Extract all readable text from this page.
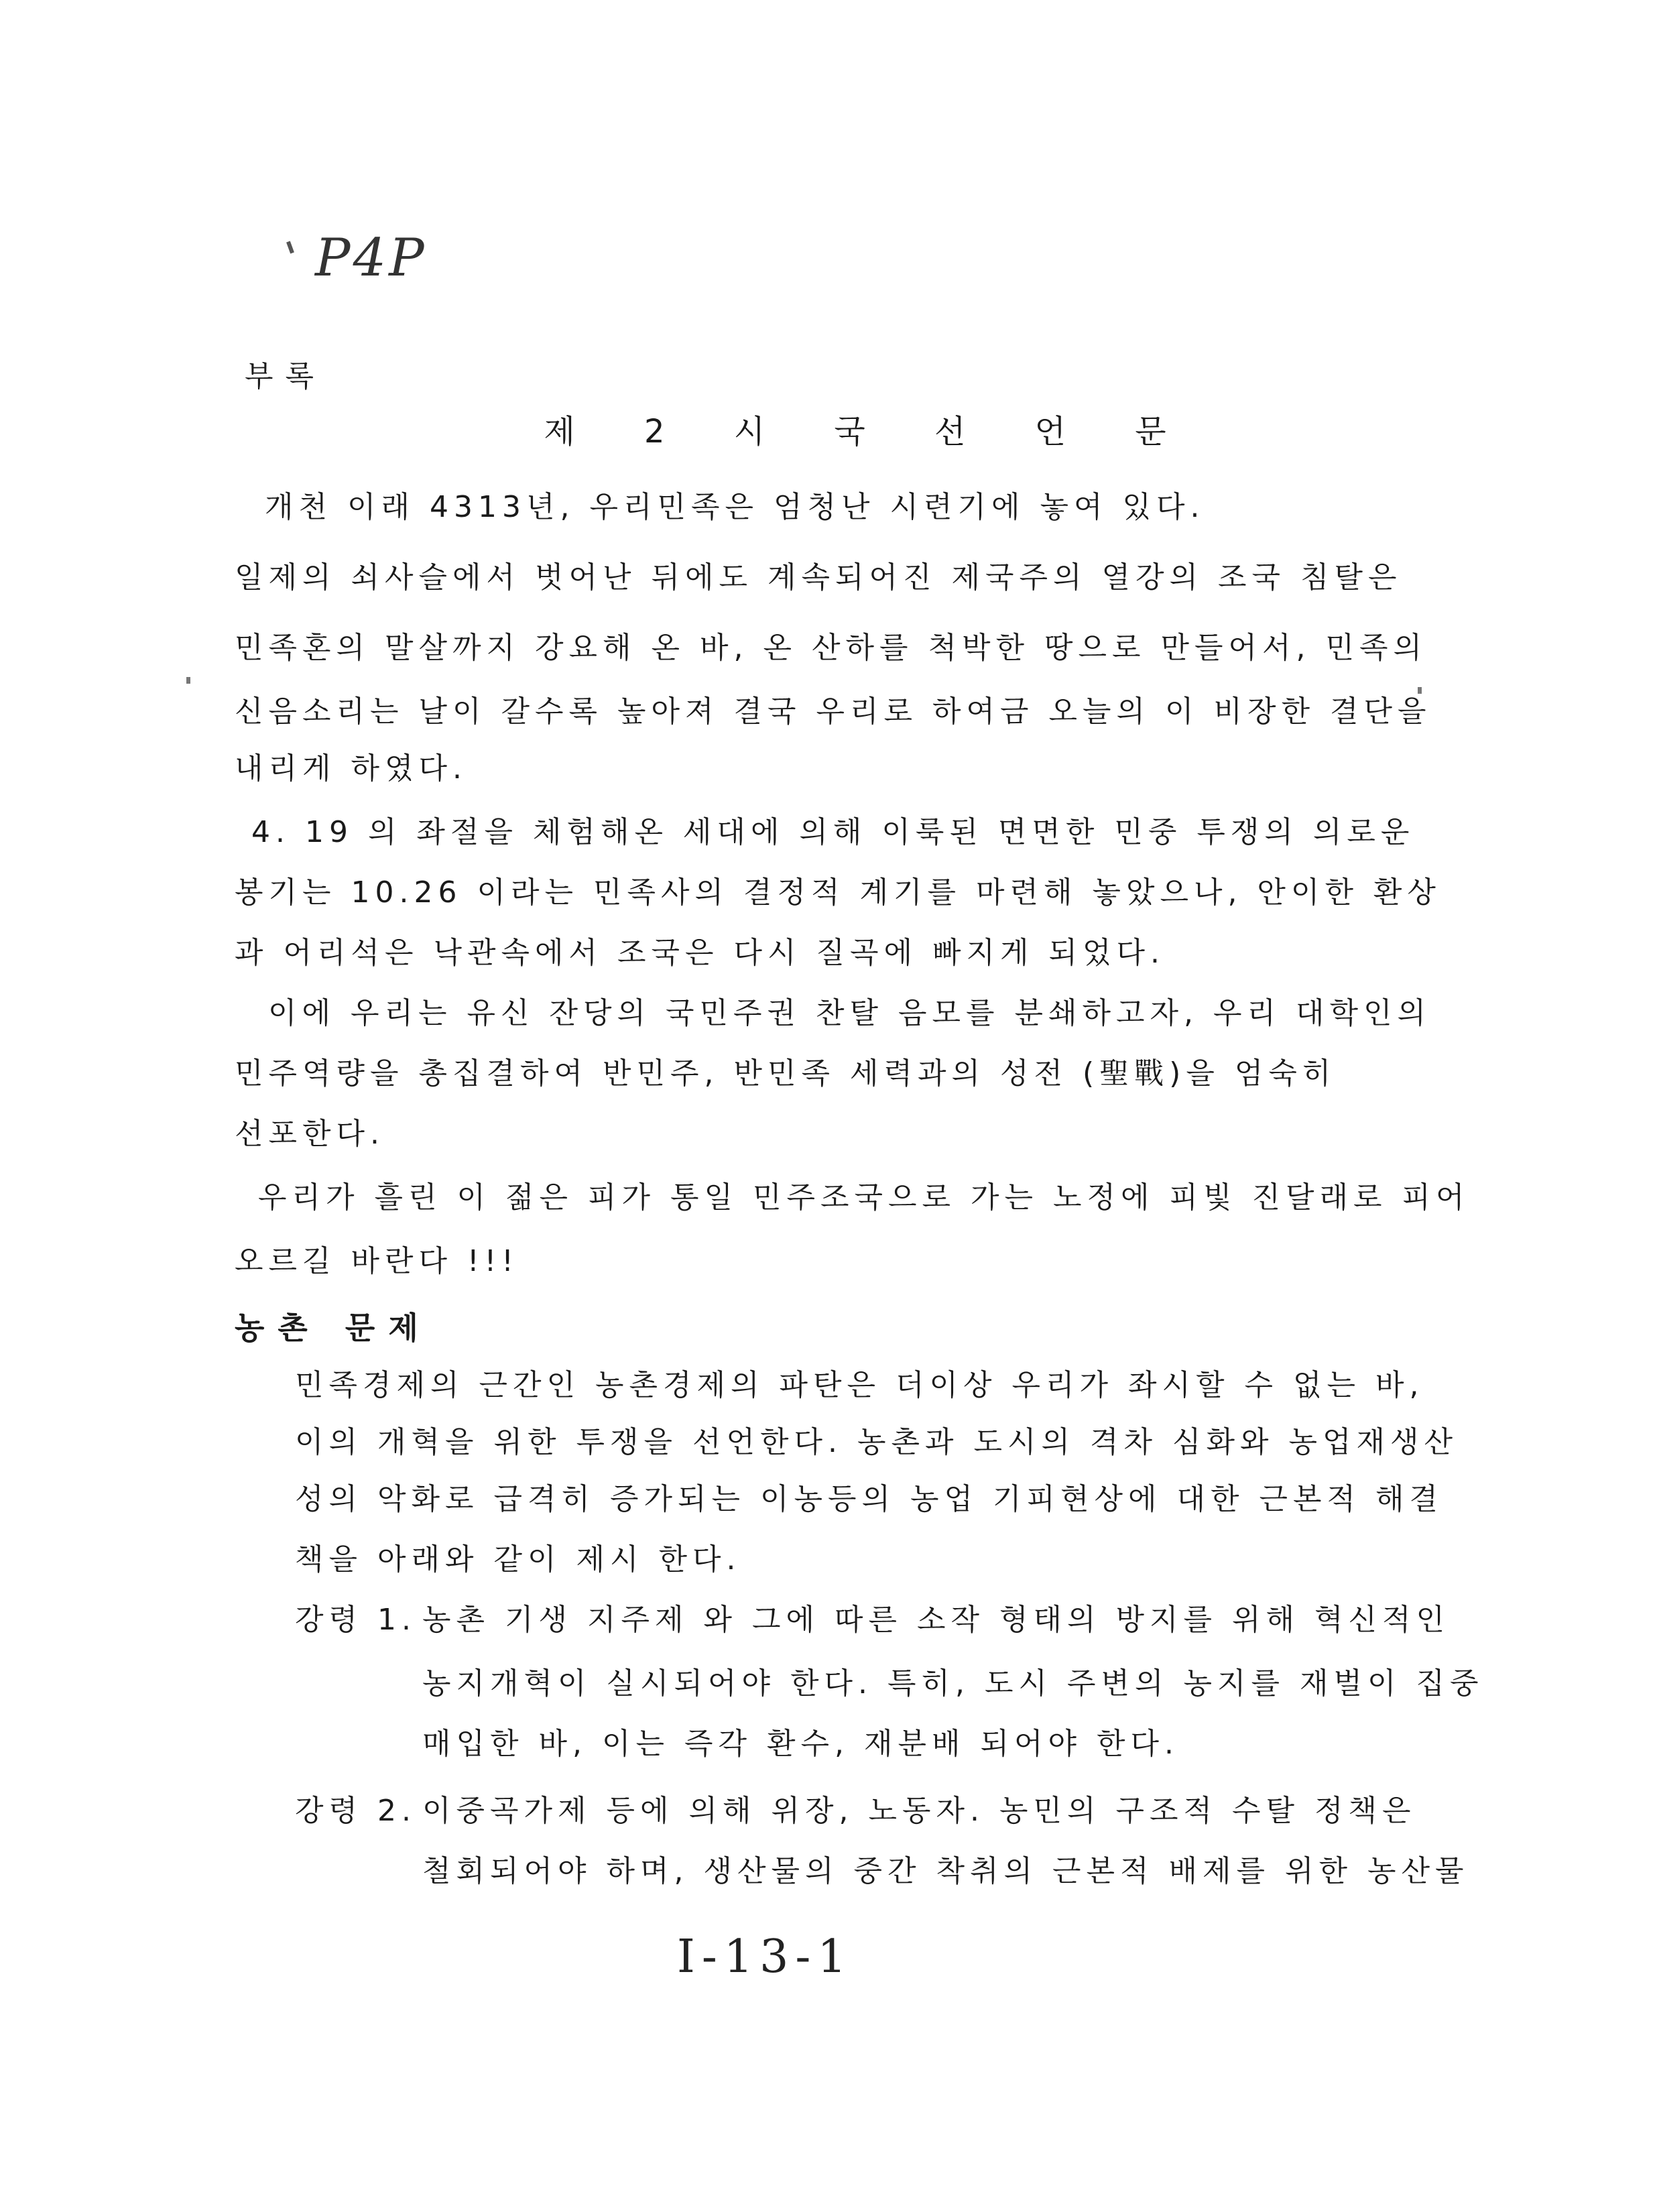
P4P
부록
제 2 시 국 선 언 문
개천 이래 4313년, 우리민족은 엄청난 시련기에 놓여 있다.
일제의 쇠사슬에서 벗어난 뒤에도 계속되어진 제국주의 열강의 조국 침탈은
민족혼의 말살까지 강요해 온 바, 온 산하를 척박한 땅으로 만들어서, 민족의
신음소리는 날이 갈수록 높아져 결국 우리로 하여금 오늘의 이 비장한 결단을
내리게 하였다.
4. 19 의 좌절을 체험해온 세대에 의해 이룩된 면면한 민중 투쟁의 의로운
봉기는 10.26 이라는 민족사의 결정적 계기를 마련해 놓았으나, 안이한 환상
과 어리석은 낙관속에서 조국은 다시 질곡에 빠지게 되었다.
이에 우리는 유신 잔당의 국민주권 찬탈 음모를 분쇄하고자, 우리 대학인의
민주역량을 총집결하여 반민주, 반민족 세력과의 성전 (聖戰)을 엄숙히
선포한다.
우리가 흘린 이 젊은 피가 통일 민주조국으로 가는 노정에 피빛 진달래로 피어
오르길 바란다 !!!
농촌 문제
민족경제의 근간인 농촌경제의 파탄은 더이상 우리가 좌시할 수 없는 바,
이의 개혁을 위한 투쟁을 선언한다. 농촌과 도시의 격차 심화와 농업재생산
성의 악화로 급격히 증가되는 이농등의 농업 기피현상에 대한 근본적 해결
책을 아래와 같이 제시 한다.
강령 1. 농촌 기생 지주제 와 그에 따른 소작 형태의 방지를 위해 혁신적인
농지개혁이 실시되어야 한다. 특히, 도시 주변의 농지를 재벌이 집중
매입한 바, 이는 즉각 환수, 재분배 되어야 한다.
강령 2. 이중곡가제 등에 의해 위장, 노동자. 농민의 구조적 수탈 정책은
철회되어야 하며, 생산물의 중간 착취의 근본적 배제를 위한 농산물
I-13-1
